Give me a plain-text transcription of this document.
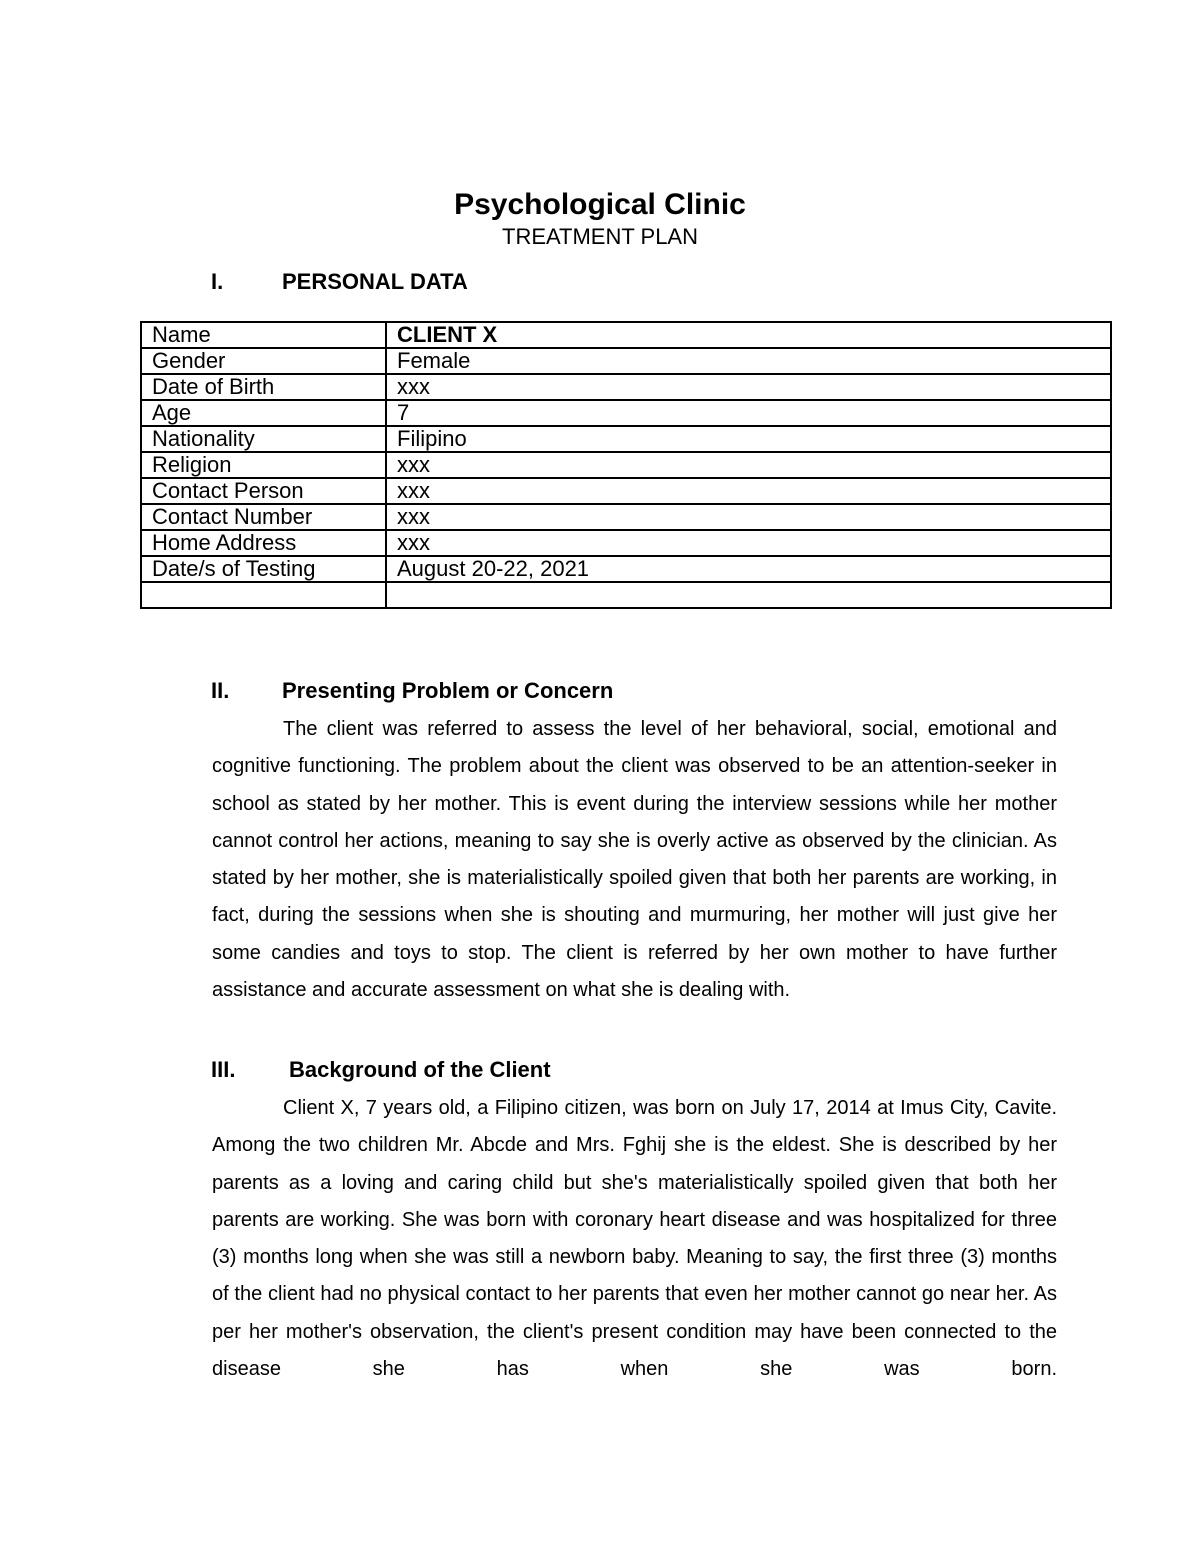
Psychological Clinic
TREATMENT PLAN
I.	PERSONAL DATA
Name	CLIENT X
Gender	Female
Date of Birth	xxx
Age	7
Nationality	Filipino
Religion	xxx
Contact Person	xxx
Contact Number	xxx
Home Address	xxx
Date/s of Testing	August 20-22, 2021

II. Presenting Problem or Concern

The client was referred to assess the level of her behavioral, social, emotional and cognitive functioning. The problem about the client was observed to be an attention-seeker in school as stated by her mother. This is event during the interview sessions while her mother cannot control her actions, meaning to say she is overly active as observed by the clinician. As stated by her mother, she is materialistically spoiled given that both her parents are working, in fact, during the sessions when she is shouting and murmuring, her mother will just give her some candies and toys to stop. The client is referred by her own mother to have further assistance and accurate assessment on what she is dealing with.

III. Background of the Client

Client X, 7 years old, a Filipino citizen, was born on July 17, 2014 at Imus City, Cavite. Among the two children Mr. Abcde and Mrs. Fghij she is the eldest. She is described by her parents as a loving and caring child but she's materialistically spoiled given that both her parents are working. She was born with coronary heart disease and was hospitalized for three (3) months long when she was still a newborn baby. Meaning to say, the first three (3) months of the client had no physical contact to her parents that even her mother cannot go near her. As per her mother's observation, the client's present condition may have been connected to the disease she has when she was born.
